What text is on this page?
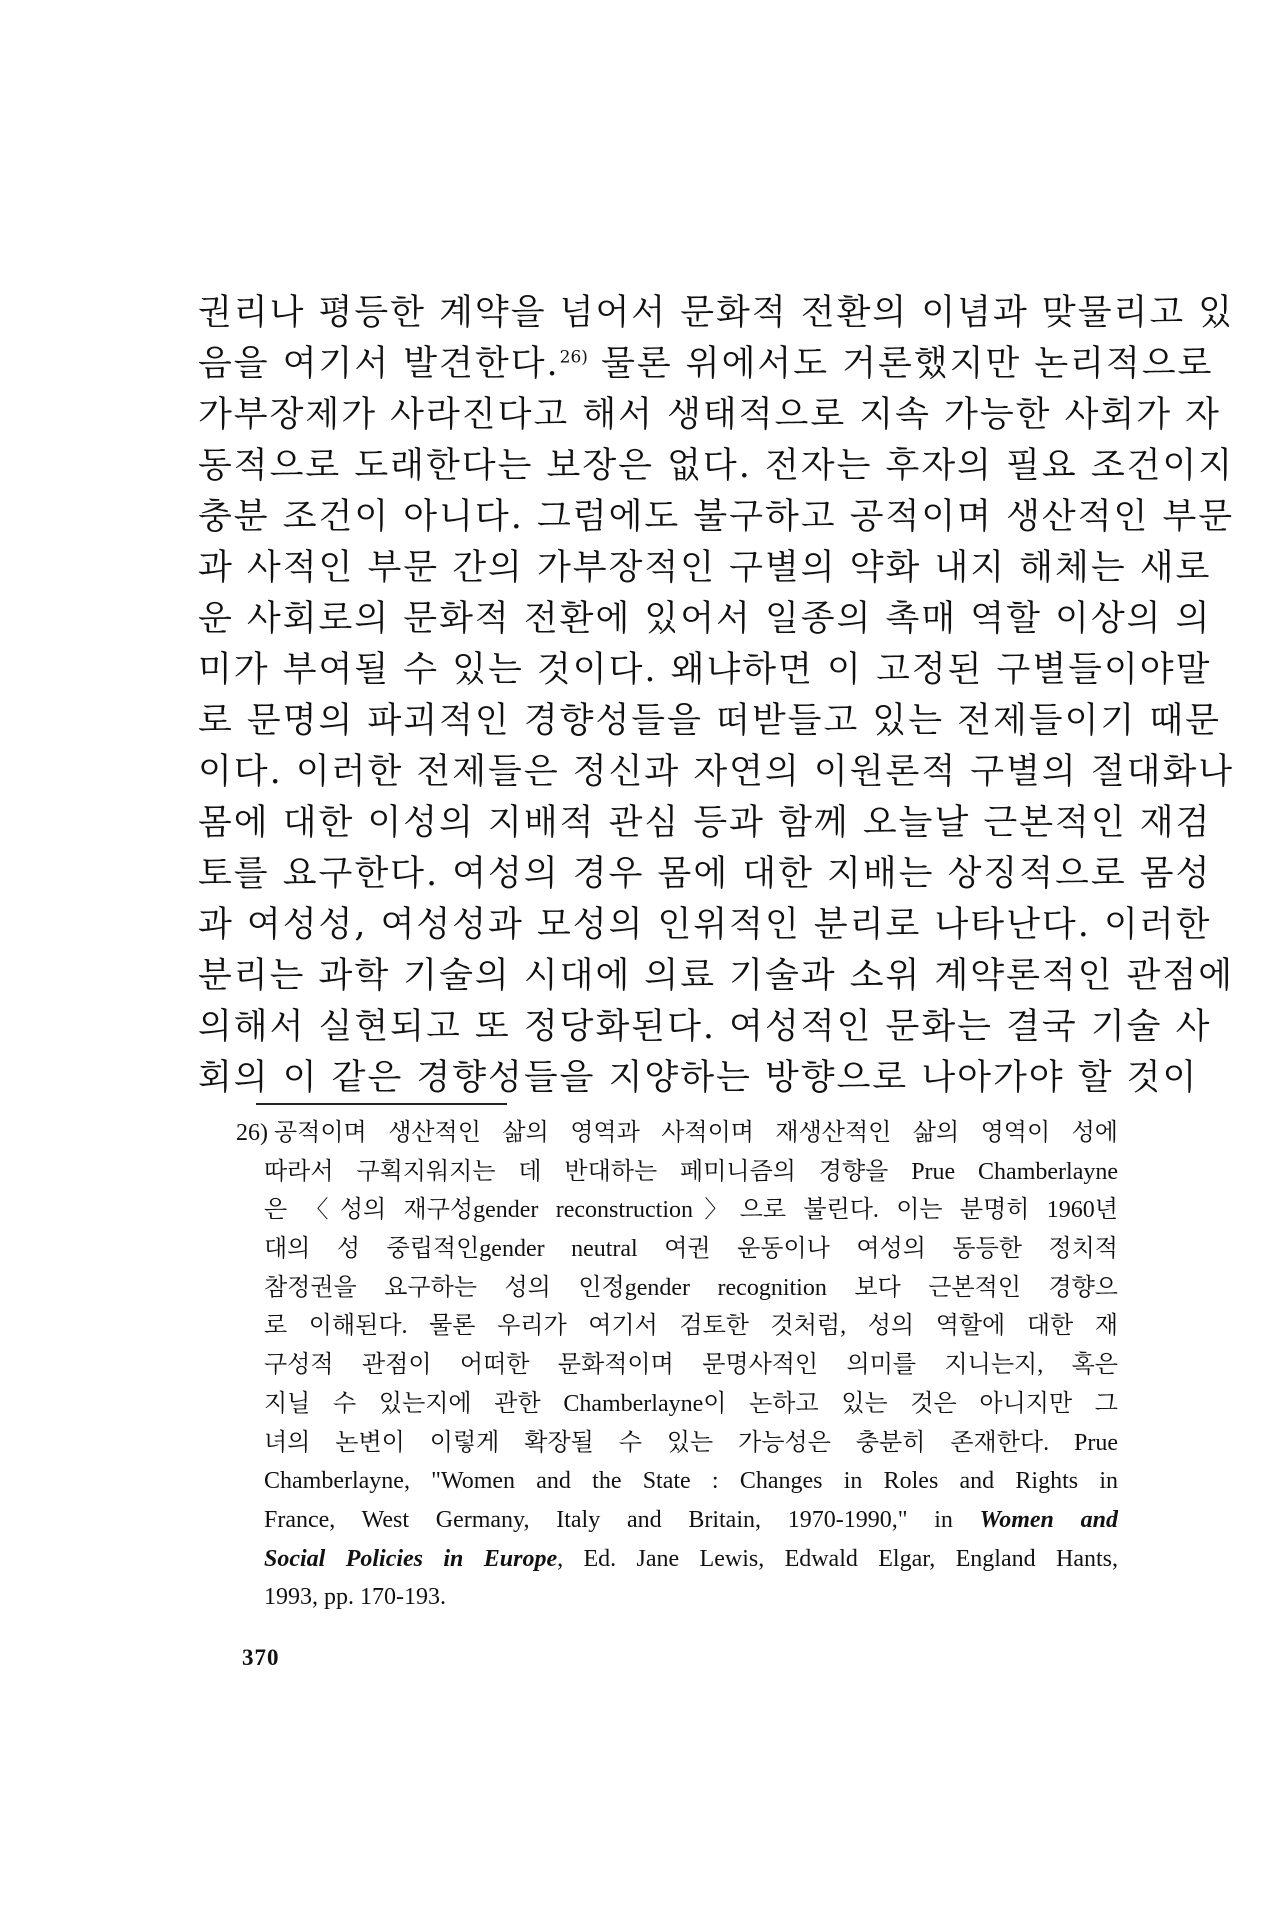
권리나 평등한 계약을 넘어서 문화적 전환의 이념과 맞물리고 있
음을 여기서 발견한다.$^{26)}$ 물론 위에서도 거론했지만 논리적으로
가부장제가 사라진다고 해서 생태적으로 지속 가능한 사회가 자
동적으로 도래한다는 보장은 없다. 전자는 후자의 필요 조건이지
충분 조건이 아니다. 그럼에도 불구하고 공적이며 생산적인 부문
과 사적인 부문 간의 가부장적인 구별의 약화 내지 해체는 새로
운 사회로의 문화적 전환에 있어서 일종의 촉매 역할 이상의 의
미가 부여될 수 있는 것이다. 왜냐하면 이 고정된 구별들이야말
로 문명의 파괴적인 경향성들을 떠받들고 있는 전제들이기 때문
이다. 이러한 전제들은 정신과 자연의 이원론적 구별의 절대화나
몸에 대한 이성의 지배적 관심 등과 함께 오늘날 근본적인 재검
토를 요구한다. 여성의 경우 몸에 대한 지배는 상징적으로 몸성
과 여성성, 여성성과 모성의 인위적인 분리로 나타난다. 이러한
분리는 과학 기술의 시대에 의료 기술과 소위 계약론적인 관점에
의해서 실현되고 또 정당화된다. 여성적인 문화는 결국 기술 사
회의 이 같은 경향성들을 지양하는 방향으로 나아가야 할 것이
26) 공적이며 생산적인 삶의 영역과 사적이며 재생산적인 삶의 영역이 성에
따라서 구획지워지는 데 반대하는 페미니즘의 경향을 Prue Chamberlayne
은 〈성의 재구성gender reconstruction〉으로 불린다. 이는 분명히 1960년
대의 성 중립적인gender neutral 여권 운동이나 여성의 동등한 정치적
참정권을 요구하는 성의 인정gender recognition 보다 근본적인 경향으
로 이해된다. 물론 우리가 여기서 검토한 것처럼, 성의 역할에 대한 재
구성적 관점이 어떠한 문화적이며 문명사적인 의미를 지니는지, 혹은
지닐 수 있는지에 관한 Chamberlayne이 논하고 있는 것은 아니지만 그
녀의 논변이 이렇게 확장될 수 있는 가능성은 충분히 존재한다. Prue
Chamberlayne, "Women and the State : Changes in Roles and Rights in
France, West Germany, Italy and Britain, 1970-1990," in Women and
Social Policies in Europe, Ed. Jane Lewis, Edwald Elgar, England Hants,
1993, pp. 170-193.
370
